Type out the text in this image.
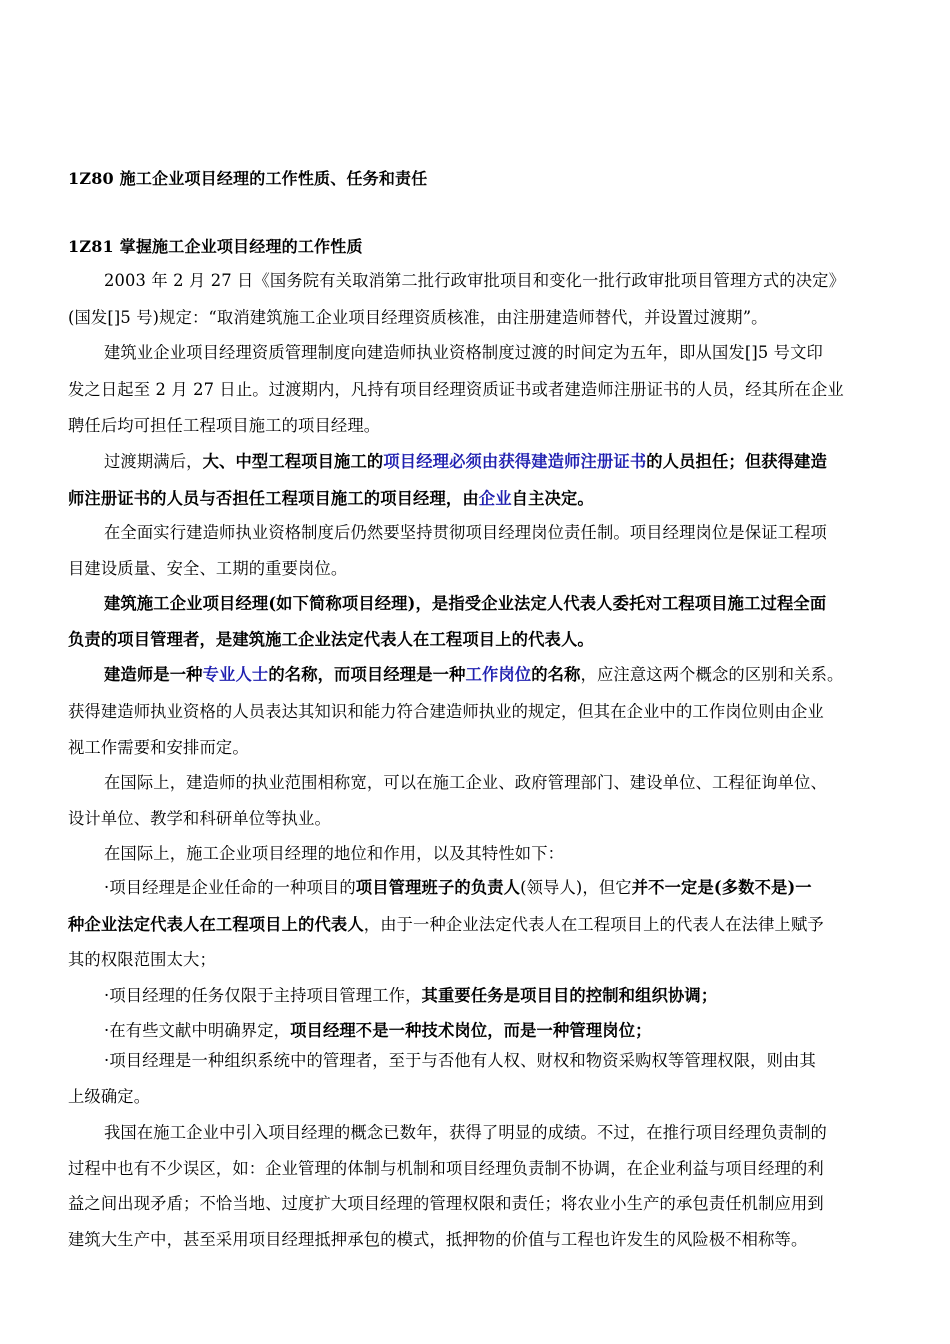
1Z80 施工企业项目经理的工作性质、任务和责任
1Z81 掌握施工企业项目经理的工作性质
2003 年 2 月 27 日《国务院有关取消第二批行政审批项目和变化一批行政审批项目管理方式的决定》
(国发[]5 号)规定：“取消建筑施工企业项目经理资质核准，由注册建造师替代，并设置过渡期”。
建筑业企业项目经理资质管理制度向建造师执业资格制度过渡的时间定为五年，即从国发[]5 号文印
发之日起至 2 月 27 日止。过渡期内，凡持有项目经理资质证书或者建造师注册证书的人员，经其所在企业
聘任后均可担任工程项目施工的项目经理。
过渡期满后，大、中型工程项目施工的项目经理必须由获得建造师注册证书的人员担任；但获得建造
师注册证书的人员与否担任工程项目施工的项目经理，由企业自主决定。
在全面实行建造师执业资格制度后仍然要坚持贯彻项目经理岗位责任制。项目经理岗位是保证工程项
目建设质量、安全、工期的重要岗位。
建筑施工企业项目经理(如下简称项目经理)，是指受企业法定人代表人委托对工程项目施工过程全面
负责的项目管理者，是建筑施工企业法定代表人在工程项目上的代表人。
建造师是一种专业人士的名称，而项目经理是一种工作岗位的名称，应注意这两个概念的区别和关系。
获得建造师执业资格的人员表达其知识和能力符合建造师执业的规定，但其在企业中的工作岗位则由企业
视工作需要和安排而定。
在国际上，建造师的执业范围相称宽，可以在施工企业、政府管理部门、建设单位、工程征询单位、
设计单位、教学和科研单位等执业。
在国际上，施工企业项目经理的地位和作用，以及其特性如下：
·项目经理是企业任命的一种项目的项目管理班子的负责人(领导人)，但它并不一定是(多数不是)一
种企业法定代表人在工程项目上的代表人，由于一种企业法定代表人在工程项目上的代表人在法律上赋予
其的权限范围太大；
·项目经理的任务仅限于主持项目管理工作，其重要任务是项目目的控制和组织协调；
·在有些文献中明确界定，项目经理不是一种技术岗位，而是一种管理岗位；
·项目经理是一种组织系统中的管理者，至于与否他有人权、财权和物资采购权等管理权限，则由其
上级确定。
我国在施工企业中引入项目经理的概念已数年，获得了明显的成绩。不过，在推行项目经理负责制的
过程中也有不少误区，如：企业管理的体制与机制和项目经理负责制不协调，在企业利益与项目经理的利
益之间出现矛盾；不恰当地、过度扩大项目经理的管理权限和责任；将农业小生产的承包责任机制应用到
建筑大生产中，甚至采用项目经理抵押承包的模式，抵押物的价值与工程也许发生的风险极不相称等。
